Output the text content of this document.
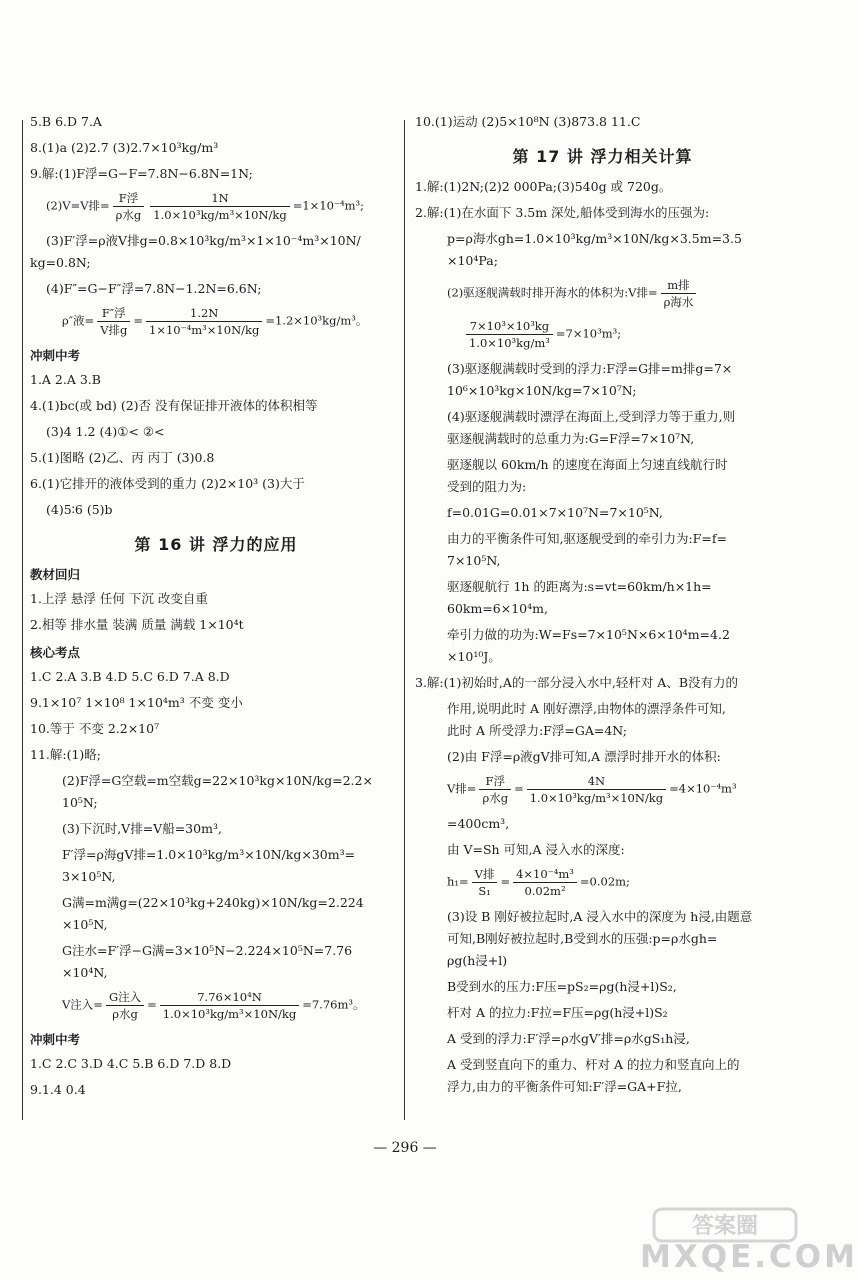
5.B 6.D 7.A
8.(1)a (2)2.7 (3)2.7×10³kg/m³
9.解:(1)F浮=G−F=7.8N−6.8N=1N;
(2)V=V排= $\frac{\text{F浮}}{\text{ρ水g}} \frac{1N}{\text{1.0×10³kg/m³×10N/kg}} =1\times 10^{-4}m^3$;
(3)F′浮=ρ液V排g=0.8×10³kg/m³×1×10⁻⁴m³×10N/
kg=0.8N;
(4)F″=G−F″浮=7.8N−1.2N=6.6N;
ρ″液= $\frac{\text{F″浮}}{\text{V排g}} = \frac{1.2N}{\text{1×10⁻⁴m³×10N/kg}} =1.2\times 10^3kg/m^3$。
冲刺中考
1.A 2.A 3.B
4.(1)bc(或 bd) (2)否 没有保证排开液体的体积相等
(3)4 1.2 (4)①< ②<
5.(1)图略 (2)乙、丙 丙丁 (3)0.8
6.(1)它排开的液体受到的重力 (2)2×10³ (3)大于
(4)5∶6 (5)b
第 16 讲 浮力的应用
教材回归
1.上浮 悬浮 任何 下沉 改变自重
2.相等 排水量 装满 质量 满载 1×10⁴t
核心考点
1.C 2.A 3.B 4.D 5.C 6.D 7.A 8.D
9.1×10⁷ 1×10⁸ 1×10⁴m³ 不变 变小
10.等于 不变 2.2×10⁷
11.解:(1)略;
(2)F浮=G空载=m空载g=22×10³kg×10N/kg=2.2×
10⁵N;
(3)下沉时,V排=V船=30m³,
F′浮=ρ海gV排=1.0×10³kg/m³×10N/kg×30m³=
3×10⁵N,
G满=m满g=(22×10³kg+240kg)×10N/kg=2.224
×10⁵N,
G注水=F′浮−G满=3×10⁵N−2.224×10⁵N=7.76
×10⁴N,
V注入= $\frac{\text{G注入}}{\text{ρ水g}} = \frac{\text{7.76×10⁴N}}{\text{1.0×10³kg/m³×10N/kg}} =7.76m^3$。
冲刺中考
1.C 2.C 3.D 4.C 5.B 6.D 7.D 8.D
9.1.4 0.4
10.(1)运动 (2)5×10⁸N (3)873.8 11.C
第 17 讲 浮力相关计算
1.解:(1)2N;(2)2 000Pa;(3)540g 或 720g。
2.解:(1)在水面下 3.5m 深处,船体受到海水的压强为:
p=ρ海水gh=1.0×10³kg/m³×10N/kg×3.5m=3.5
×10⁴Pa;
(2)驱逐舰满载时排开海水的体积为:V排= $\frac{\text{m排}}{\text{ρ海水}}$
$\frac{\text{7×10³×10³kg}}{\text{1.0×10³kg/m³}} =7\times 10^3m^3$;
(3)驱逐舰满载时受到的浮力:F浮=G排=m排g=7×
10⁶×10³kg×10N/kg=7×10⁷N;
(4)驱逐舰满载时漂浮在海面上,受到浮力等于重力,则
驱逐舰满载时的总重力为:G=F浮=7×10⁷N,
驱逐舰以 60km/h 的速度在海面上匀速直线航行时
受到的阻力为:
f=0.01G=0.01×7×10⁷N=7×10⁵N,
由力的平衡条件可知,驱逐舰受到的牵引力为:F=f=
7×10⁵N,
驱逐舰航行 1h 的距离为:s=vt=60km/h×1h=
60km=6×10⁴m,
牵引力做的功为:W=Fs=7×10⁵N×6×10⁴m=4.2
×10¹⁰J。
3.解:(1)初始时,A的一部分浸入水中,轻杆对 A、B没有力的
作用,说明此时 A 刚好漂浮,由物体的漂浮条件可知,
此时 A 所受浮力:F浮=GA=4N;
(2)由 F浮=ρ液gV排可知,A 漂浮时排开水的体积:
V排= $\frac{\text{F浮}}{\text{ρ水g}} = \frac{4N}{\text{1.0×10³kg/m³×10N/kg}} =4\times 10^{-4}m^3$
=400cm³,
由 V=Sh 可知,A 浸入水的深度:
$h_1= \frac{\text{V排}}{\text{S₁}} = \frac{\text{4×10⁻⁴m³}}{\text{0.02m²}} =0.02m$;
(3)设 B 刚好被拉起时,A 浸入水中的深度为 h浸,由题意
可知,B刚好被拉起时,B受到水的压强:p=ρ水gh=
ρg(h浸+l)
B受到水的压力:F压=pS₂=ρg(h浸+l)S₂,
杆对 A 的拉力:F拉=F压=ρg(h浸+l)S₂
A 受到的浮力:F′浮=ρ水gV′排=ρ水gS₁h浸,
A 受到竖直向下的重力、杆对 A 的拉力和竖直向上的
浮力,由力的平衡条件可知:F′浮=GA+F拉,
— 296 —
答案圈
MXQE.COM
